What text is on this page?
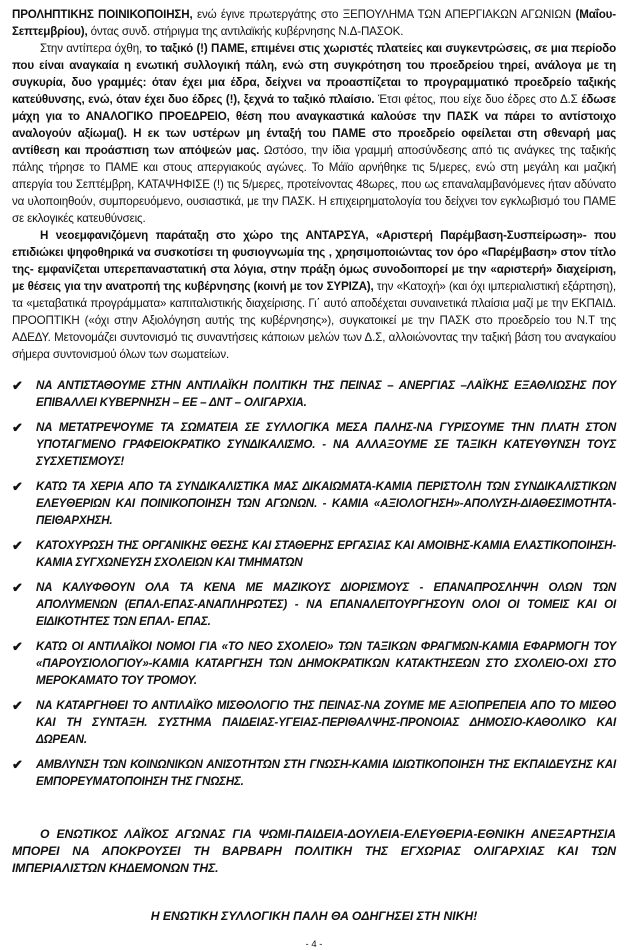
ΠΡΟΛΗΠΤΙΚΗΣ ΠΟΙΝΙΚΟΠΟΙΗΣΗ, ενώ έγινε πρωτεργάτης στο ΞΕΠΟΥΛΗΜΑ ΤΩΝ ΑΠΕΡΓΙΑΚΩΝ ΑΓΩΝΙΩΝ (Μαΐου-Σεπτεμβρίου), όντας συνδ. στήριγμα της αντιλαϊκής κυβέρνησης Ν.Δ-ΠΑΣΟΚ.

Στην αντίπερα όχθη, το ταξικό (!) ΠΑΜΕ, επιμένει στις χωριστές πλατείες και συγκεντρώσεις, σε μια περίοδο που είναι αναγκαία η ενωτική συλλογική πάλη, ενώ στη συγκρότηση του προεδρείου τηρεί, ανάλογα με τη συγκυρία, δυο γραμμές: όταν έχει μια έδρα, δείχνει να προασπίζεται το προγραμματικό προεδρείο ταξικής κατεύθυνσης, ενώ, όταν έχει δυο έδρες (!), ξεχνά το ταξικό πλαίσιο. Έτσι φέτος, που είχε δυο έδρες στο Δ.Σ έδωσε μάχη για το ΑΝΑΛΟΓΙΚΟ ΠΡΟΕΔΡΕΙΟ, θέση που αναγκαστικά καλούσε την ΠΑΣΚ να πάρει το αντίστοιχο αναλογούν αξίωμα(). Η εκ των υστέρων μη ένταξή του ΠΑΜΕ στο προεδρείο οφείλεται στη σθεναρή μας αντίθεση και προάσπιση των απόψεών μας. Ωστόσο, την ίδια γραμμή αποσύνδεσης από τις ανάγκες της ταξικής πάλης τήρησε το ΠΑΜΕ και στους απεργιακούς αγώνες. Το Μάϊο αρνήθηκε τις 5/μερες, ενώ στη μεγάλη και μαζική απεργία του Σεπτέμβρη, ΚΑΤΑΨΗΦΙΣΕ (!) τις 5/μερες, προτείνοντας 48ωρες, που ως επαναλαμβανόμενες ήταν αδύνατο να υλοποιηθούν, συμπορευόμενο, ουσιαστικά, με την ΠΑΣΚ. Η επιχειρηματολογία του δείχνει τον εγκλωβισμό του ΠΑΜΕ σε εκλογικές κατευθύνσεις.

Η νεοεμφανιζόμενη παράταξη στο χώρο της ΑΝΤΑΡΣΥΑ, «Αριστερή Παρέμβαση-Συσπείρωση»- που επιδιώκει ψηφοθηρικά να συσκοτίσει τη φυσιογνωμία της , χρησιμοποιώντας τον όρο «Παρέμβαση» στον τίτλο της- εμφανίζεται υπερεπαναστατική στα λόγια, στην πράξη όμως συνοδοιπορεί με την «αριστερή» διαχείριση, με θέσεις για την ανατροπή της κυβέρνησης (κοινή με τον ΣΥΡΙΖΑ), την «Κατοχή» (και όχι ιμπεριαλιστική εξάρτηση), τα «μεταβατικά προγράμματα» καπιταλιστικής διαχείρισης. Γι΄ αυτό αποδέχεται συναινετικά πλαίσια μαζί με την ΕΚΠΑΙΔ. ΠΡΟΟΠΤΙΚΗ («όχι στην Αξιολόγηση αυτής της κυβέρνησης»), συγκατοικεί με την ΠΑΣΚ στο προεδρείο του Ν.Τ της ΑΔΕΔΥ. Μετονομάζει συντονισμό τις συναντήσεις κάποιων μελών των Δ.Σ, αλλοιώνοντας την ταξική βάση του αναγκαίου σήμερα συντονισμού όλων των σωματείων.

✔ ΝΑ ΑΝΤΙΣΤΑΘΟΥΜΕ ΣΤΗΝ ΑΝΤΙΛΑΪΚΗ ΠΟΛΙΤΙΚΗ ΤΗΣ ΠΕΙΝΑΣ – ΑΝΕΡΓΙΑΣ –ΛΑΪΚΗΣ ΕΞΑΘΛΙΩΣΗΣ ΠΟΥ ΕΠΙΒΑΛΛΕΙ ΚΥΒΕΡΝΗΣΗ – ΕΕ – ΔΝΤ – ΟΛΙΓΑΡΧΙΑ.
✔ ΝΑ ΜΕΤΑΤΡΕΨΟΥΜΕ ΤΑ ΣΩΜΑΤΕΙΑ ΣΕ ΣΥΛΛΟΓΙΚΑ ΜΕΣΑ ΠΑΛΗΣ-ΝΑ ΓΥΡΙΣΟΥΜΕ ΤΗΝ ΠΛΑΤΗ ΣΤΟΝ ΥΠΟΤΑΓΜΕΝΟ ΓΡΑΦΕΙΟΚΡΑΤΙΚΟ ΣΥΝΔΙΚΑΛΙΣΜΟ. - ΝΑ ΑΛΛΑΞΟΥΜΕ ΣΕ ΤΑΞΙΚΗ ΚΑΤΕΥΘΥΝΣΗ ΤΟΥΣ ΣΥΣΧΕΤΙΣΜΟΥΣ!
✔ ΚΑΤΩ ΤΑ ΧΕΡΙΑ ΑΠΟ ΤΑ ΣΥΝΔΙΚΑΛΙΣΤΙΚΑ ΜΑΣ ΔΙΚΑΙΩΜΑΤΑ-ΚΑΜΙΑ ΠΕΡΙΣΤΟΛΗ ΤΩΝ ΣΥΝΔΙΚΑΛΙΣΤΙΚΩΝ ΕΛΕΥΘΕΡΙΩΝ ΚΑΙ ΠΟΙΝΙΚΟΠΟΙΗΣΗ ΤΩΝ ΑΓΩΝΩΝ. - ΚΑΜΙΑ «ΑΞΙΟΛΟΓΗΣΗ»-ΑΠΟΛΥΣΗ-ΔΙΑΘΕΣΙΜΟΤΗΤΑ- ΠΕΙΘΑΡΧΗΣΗ.
✔ ΚΑΤΟΧΥΡΩΣΗ ΤΗΣ ΟΡΓΑΝΙΚΗΣ ΘΕΣΗΣ ΚΑΙ ΣΤΑΘΕΡΗΣ ΕΡΓΑΣΙΑΣ ΚΑΙ ΑΜΟΙΒΗΣ-ΚΑΜΙΑ ΕΛΑΣΤΙΚΟΠΟΙΗΣΗ-ΚΑΜΙΑ ΣΥΓΧΩΝΕΥΣΗ ΣΧΟΛΕΙΩΝ ΚΑΙ ΤΜΗΜΑΤΩΝ
✔ ΝΑ ΚΑΛΥΦΘΟΥΝ ΟΛΑ ΤΑ ΚΕΝΑ ΜΕ ΜΑΖΙΚΟΥΣ ΔΙΟΡΙΣΜΟΥΣ - ΕΠΑΝΑΠΡΟΣΛΗΨΗ ΟΛΩΝ ΤΩΝ ΑΠΟΛΥΜΕΝΩΝ (ΕΠΑΛ-ΕΠΑΣ-ΑΝΑΠΛΗΡΩΤΕΣ) - ΝΑ ΕΠΑΝΑΛΕΙΤΟΥΡΓΗΣΟΥΝ ΟΛΟΙ ΟΙ ΤΟΜΕΙΣ ΚΑΙ ΟΙ ΕΙΔΙΚΟΤΗΤΕΣ ΤΩΝ ΕΠΑΛ- ΕΠΑΣ.
✔ ΚΑΤΩ ΟΙ ΑΝΤΙΛΑΪΚΟΙ ΝΟΜΟΙ ΓΙΑ «ΤΟ ΝΕΟ ΣΧΟΛΕΙΟ» ΤΩΝ ΤΑΞΙΚΩΝ ΦΡΑΓΜΩΝ-ΚΑΜΙΑ ΕΦΑΡΜΟΓΗ ΤΟΥ «ΠΑΡΟΥΣΙΟΛΟΓΙΟΥ»-ΚΑΜΙΑ ΚΑΤΑΡΓΗΣΗ ΤΩΝ ΔΗΜΟΚΡΑΤΙΚΩΝ ΚΑΤΑΚΤΗΣΕΩΝ ΣΤΟ ΣΧΟΛΕΙΟ-ΟΧΙ ΣΤΟ ΜΕΡΟΚΑΜΑΤΟ ΤΟΥ ΤΡΟΜΟΥ.
✔ ΝΑ ΚΑΤΑΡΓΗΘΕΙ ΤΟ ΑΝΤΙΛΑΪΚΟ ΜΙΣΘΟΛΟΓΙΟ ΤΗΣ ΠΕΙΝΑΣ-ΝΑ ΖΟΥΜΕ ΜΕ ΑΞΙΟΠΡΕΠΕΙΑ ΑΠΟ ΤΟ ΜΙΣΘΟ ΚΑΙ ΤΗ ΣΥΝΤΑΞΗ. ΣΥΣΤΗΜΑ ΠΑΙΔΕΙΑΣ-ΥΓΕΙΑΣ-ΠΕΡΙΘΑΛΨΗΣ-ΠΡΟΝΟΙΑΣ ΔΗΜΟΣΙΟ-ΚΑΘΟΛΙΚΟ ΚΑΙ ΔΩΡΕΑΝ.
✔ ΑΜΒΛΥΝΣΗ ΤΩΝ ΚΟΙΝΩΝΙΚΩΝ ΑΝΙΣΟΤΗΤΩΝ ΣΤΗ ΓΝΩΣΗ-ΚΑΜΙΑ ΙΔΙΩΤΙΚΟΠΟΙΗΣΗ ΤΗΣ ΕΚΠΑΙΔΕΥΣΗΣ ΚΑΙ ΕΜΠΟΡΕΥΜΑΤΟΠΟΙΗΣΗ ΤΗΣ ΓΝΩΣΗΣ.

Ο ΕΝΩΤΙΚΟΣ ΛΑΪΚΟΣ ΑΓΩΝΑΣ ΓΙΑ ΨΩΜΙ-ΠΑΙΔΕΙΑ-ΔΟΥΛΕΙΑ-ΕΛΕΥΘΕΡΙΑ-ΕΘΝΙΚΗ ΑΝΕΞΑΡΤΗΣΙΑ ΜΠΟΡΕΙ ΝΑ ΑΠΟΚΡΟΥΣΕΙ ΤΗ ΒΑΡΒΑΡΗ ΠΟΛΙΤΙΚΗ ΤΗΣ ΕΓΧΩΡΙΑΣ ΟΛΙΓΑΡΧΙΑΣ ΚΑΙ ΤΩΝ ΙΜΠΕΡΙΑΛΙΣΤΩΝ ΚΗΔΕΜΟΝΩΝ ΤΗΣ.

Η ΕΝΩΤΙΚΗ ΣΥΛΛΟΓΙΚΗ ΠΑΛΗ ΘΑ ΟΔΗΓΗΣΕΙ ΣΤΗ ΝΙΚΗ!

- 4 -
